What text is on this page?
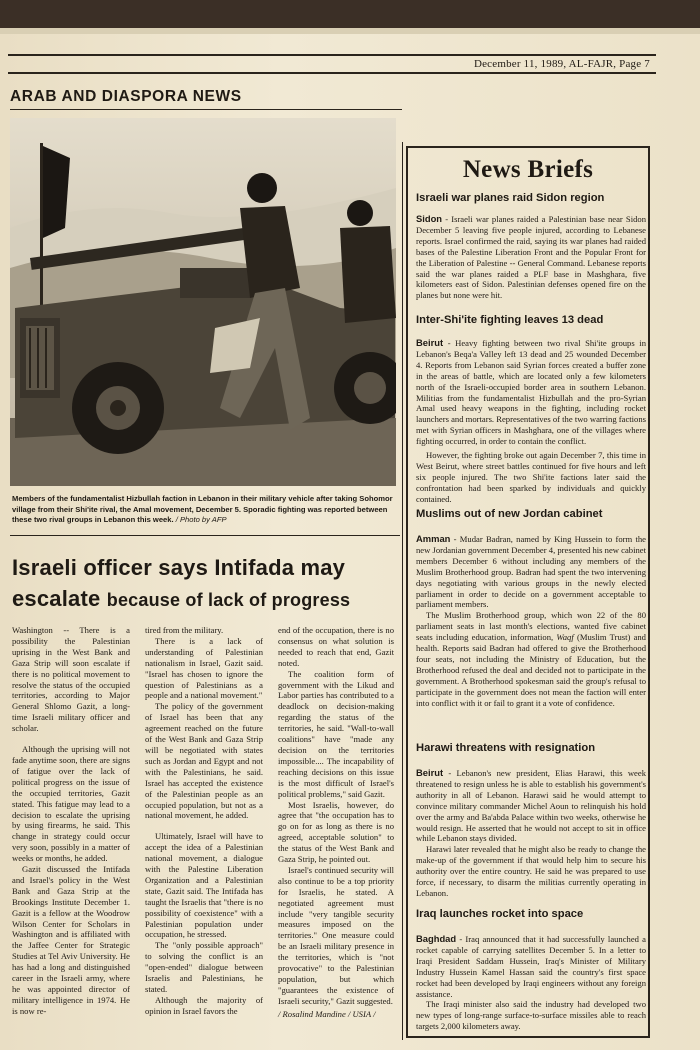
December 11, 1989, AL-FAJR, Page 7
ARAB AND DIASPORA NEWS
Members of the fundamentalist Hizbullah faction in Lebanon in their military vehicle after taking Sohomor village from their Shi'ite rival, the Amal movement, December 5. Sporadic fighting was reported between these two rival groups in Lebanon this week. / Photo by AFP
Israeli officer says Intifada may escalate because of lack of progress

Washington -- There is a possibility the Palestinian uprising in the West Bank and Gaza Strip will soon escalate if there is no political movement to resolve the status of the occupied territories, according to Major General Shlomo Gazit, a long-time Israeli military officer and scholar.

Although the uprising will not fade anytime soon, there are signs of fatigue over the lack of political progress on the issue of the occupied territories, Gazit stated. This fatigue may lead to a decision to escalate the uprising by using firearms, he said. This change in strategy could occur very soon, possibly in a matter of weeks or months, he added.

Gazit discussed the Intifada and Israel's policy in the West Bank and Gaza Strip at the Brookings Institute December 1. Gazit is a fellow at the Woodrow Wilson Center for Scholars in Washington and is affiliated with the Jaffee Center for Strategic Studies at Tel Aviv University. He has had a long and distinguished career in the Israeli army, where he was appointed director of military intelligence in 1974. He is now re-

tired from the military.

There is a lack of understanding of Palestinian nationalism in Israel, Gazit said. "Israel has chosen to ignore the question of Palestinians as a people and a national movement."

The policy of the government of Israel has been that any agreement reached on the future of the West Bank and Gaza Strip will be negotiated with states such as Jordan and Egypt and not with the Palestinians, he said. Israel has accepted the existence of the Palestinian people as an occupied population, but not as a national movement, he added.

Ultimately, Israel will have to accept the idea of a Palestinian national movement, a dialogue with the Palestine Liberation Organization and a Palestinian state, Gazit said. The Intifada has taught the Israelis that "there is no possibility of coexistence" with a Palestinian population under occupation, he stressed.

The "only possible approach" to solving the conflict is an "open-ended" dialogue between Israelis and Palestinians, he stated.

Although the majority of opinion in Israel favors the

end of the occupation, there is no consensus on what solution is needed to reach that end, Gazit noted.

The coalition form of government with the Likud and Labor parties has contributed to a deadlock on decision-making regarding the status of the territories, he said. "Wall-to-wall coalitions" have "made any decision on the territories impossible.... The incapability of reaching decisions on this issue is the most difficult of Israel's political problems," said Gazit.

Most Israelis, however, do agree that "the occupation has to go on for as long as there is no agreed, acceptable solution" to the status of the West Bank and Gaza Strip, he pointed out.

Israel's continued security will also continue to be a top priority for Israelis, he stated. A negotiated agreement must include "very tangible security measures imposed on the territories." One measure could be an Israeli military presence in the territories, which is "not provocative" to the Palestinian population, but which "guarantees the existence of Israeli security," Gazit suggested.

/ Rosalind Mandine / USIA /
News Briefs
Israeli war planes raid Sidon region

Sidon - Israeli war planes raided a Palestinian base near Sidon December 5 leaving five people injured, according to Lebanese reports. Israel confirmed the raid, saying its war planes had raided bases of the Palestine Liberation Front and the Popular Front for the Liberation of Palestine -- General Command. Lebanese reports said the war planes raided a PLF base in Mashghara, five kilometers east of Sidon. Palestinian defenses opened fire on the planes but none were hit.

Inter-Shi'ite fighting leaves 13 dead

Beirut - Heavy fighting between two rival Shi'ite groups in Lebanon's Beqa'a Valley left 13 dead and 25 wounded December 4. Reports from Lebanon said Syrian forces created a buffer zone in the areas of battle, which are located only a few kilometers north of the Israeli-occupied border area in southern Lebanon. Militias from the fundamentalist Hizbullah and the pro-Syrian Amal used heavy weapons in the fighting, including rocket launchers and mortars. Representatives of the two warring factions met with Syrian officers in Mashghara, one of the villages where fighting occurred, in order to contain the conflict.

However, the fighting broke out again December 7, this time in West Beirut, where street battles continued for five hours and left six people injured. The two Shi'ite factions later said the confrontation had been sparked by individuals and quickly contained.

Muslims out of new Jordan cabinet

Amman - Mudar Badran, named by King Hussein to form the new Jordanian government December 4, presented his new cabinet members December 6 without including any members of the Muslim Brotherhood group. Badran had spent the two intervening days negotiating with various groups in the newly elected parliament in order to decide on a government acceptable to parliament members.

The Muslim Brotherhood group, which won 22 of the 80 parliament seats in last month's elections, wanted five cabinet seats including education, information, Waqf (Muslim Trust) and health. Reports said Badran had offered to give the Brotherhood four seats, not including the Ministry of Education, but the Brotherhood refused the deal and decided not to participate in the government. A Brotherhood spokesman said the group's refusal to participate in the government does not mean the faction will enter into conflict with it or fail to grant it a vote of confidence.

Harawi threatens with resignation

Beirut - Lebanon's new president, Elias Harawi, this week threatened to resign unless he is able to establish his government's authority in all of Lebanon. Harawi said he would attempt to convince military commander Michel Aoun to relinquish his hold over the army and Ba'abda Palace within two weeks, otherwise he would resign. He asserted that he would not accept to sit in office while Lebanon stays divided.

Harawi later revealed that he might also be ready to change the make-up of the government if that would help him to secure his authority over the entire country. He said he was prepared to use force, if necessary, to disarm the militias currently operating in Lebanon.

Iraq launches rocket into space

Baghdad - Iraq announced that it had successfully launched a rocket capable of carrying satellites December 5. In a letter to Iraqi President Saddam Hussein, Iraq's Minister of Military Industry Hussein Kamel Hassan said the country's first space rocket had been developed by Iraqi engineers without any foreign assistance.

The Iraqi minister also said the industry had developed two new types of long-range surface-to-surface missiles able to reach targets 2,000 kilometers away.
